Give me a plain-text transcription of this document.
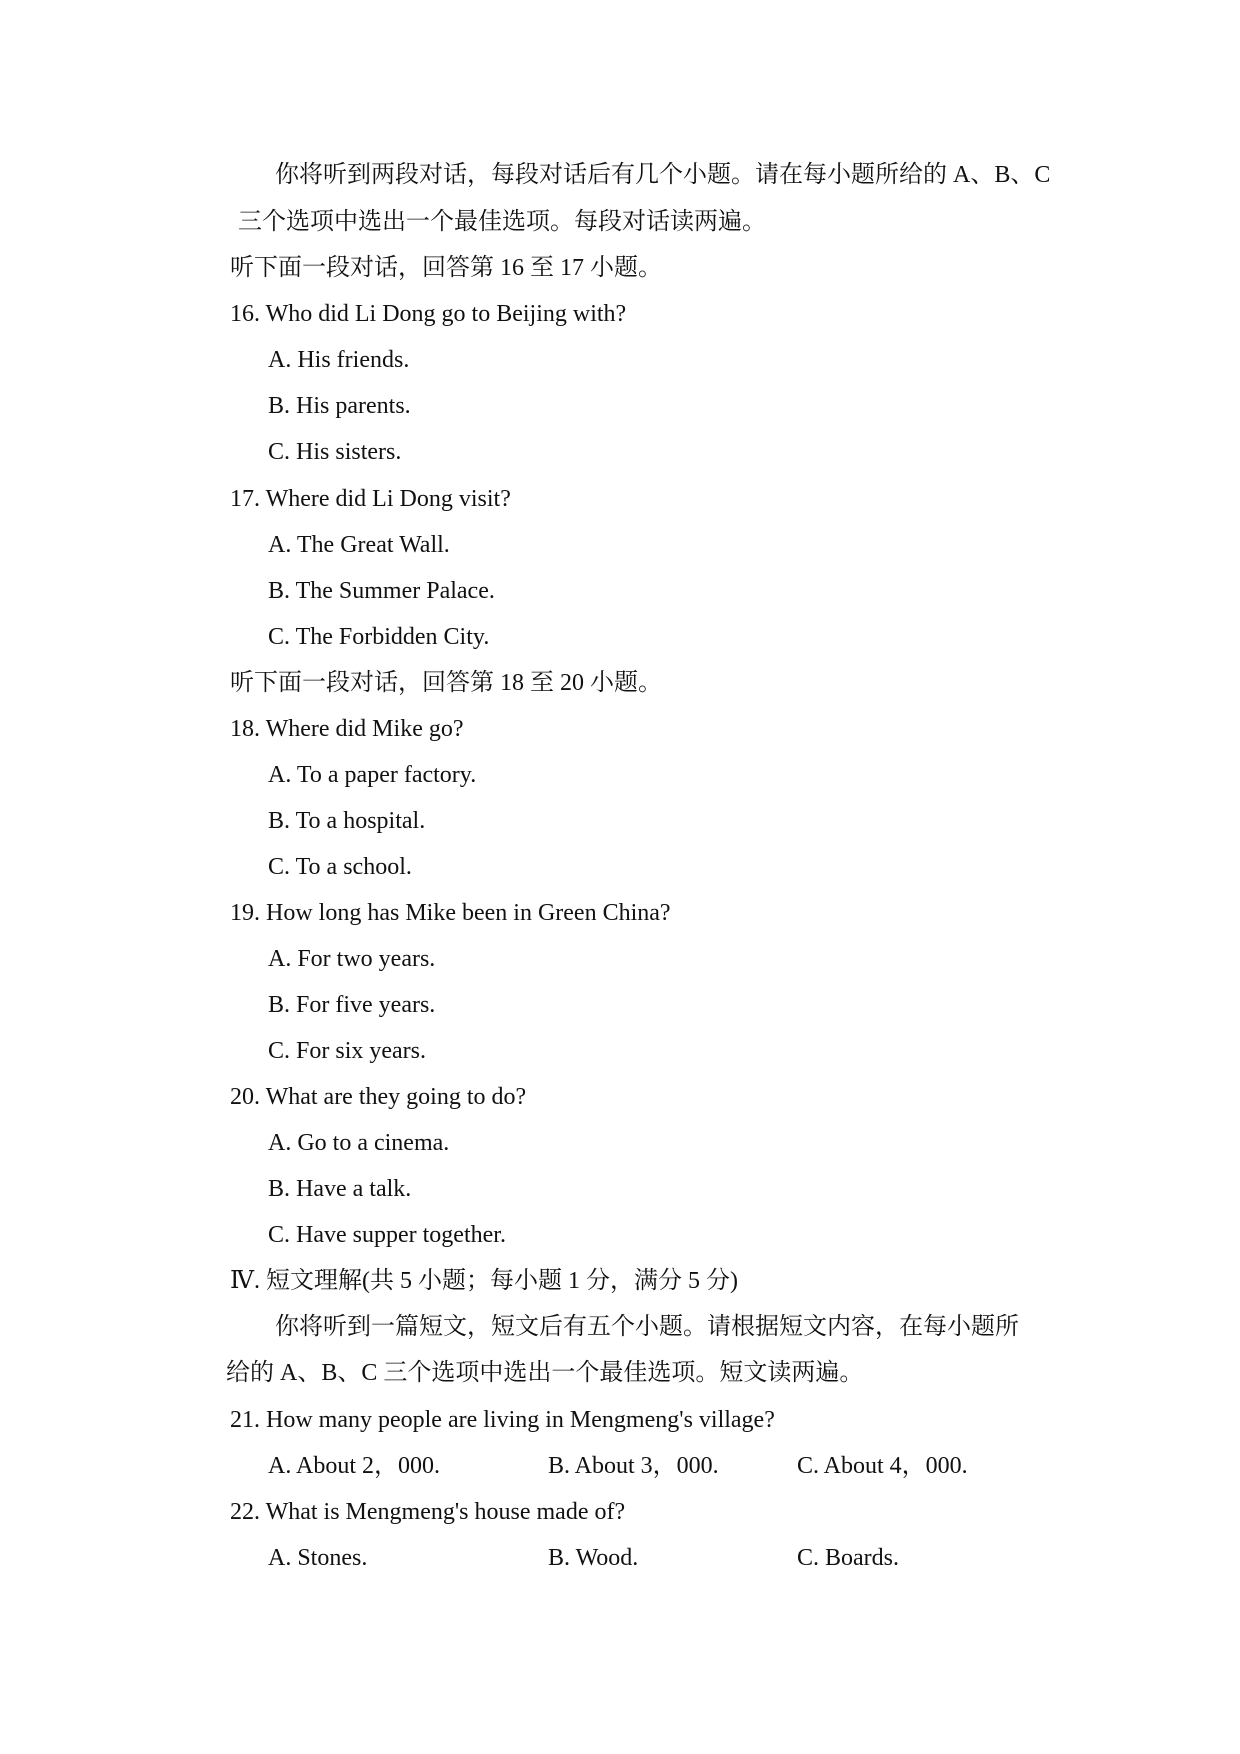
你将听到两段对话，每段对话后有几个小题。请在每小题所给的 A、B、C
三个选项中选出一个最佳选项。每段对话读两遍。
听下面一段对话，回答第 16 至 17 小题。
16. Who did Li Dong go to Beijing with?
A. His friends.
B. His parents.
C. His sisters.
17. Where did Li Dong visit?
A. The Great Wall.
B. The Summer Palace.
C. The Forbidden City.
听下面一段对话，回答第 18 至 20 小题。
18. Where did Mike go?
A. To a paper factory.
B. To a hospital.
C. To a school.
19. How long has Mike been in Green China?
A. For two years.
B. For five years.
C. For six years.
20. What are they going to do?
A. Go to a cinema.
B. Have a talk.
C. Have supper together.
Ⅳ. 短文理解(共 5 小题；每小题 1 分，满分 5 分)
你将听到一篇短文，短文后有五个小题。请根据短文内容，在每小题所
给的 A、B、C 三个选项中选出一个最佳选项。短文读两遍。
21. How many people are living in Mengmeng's village?
A. About 2，000.	B. About 3，000.	C. About 4，000.
22. What is Mengmeng's house made of?
A. Stones.	B. Wood.	C. Boards.
